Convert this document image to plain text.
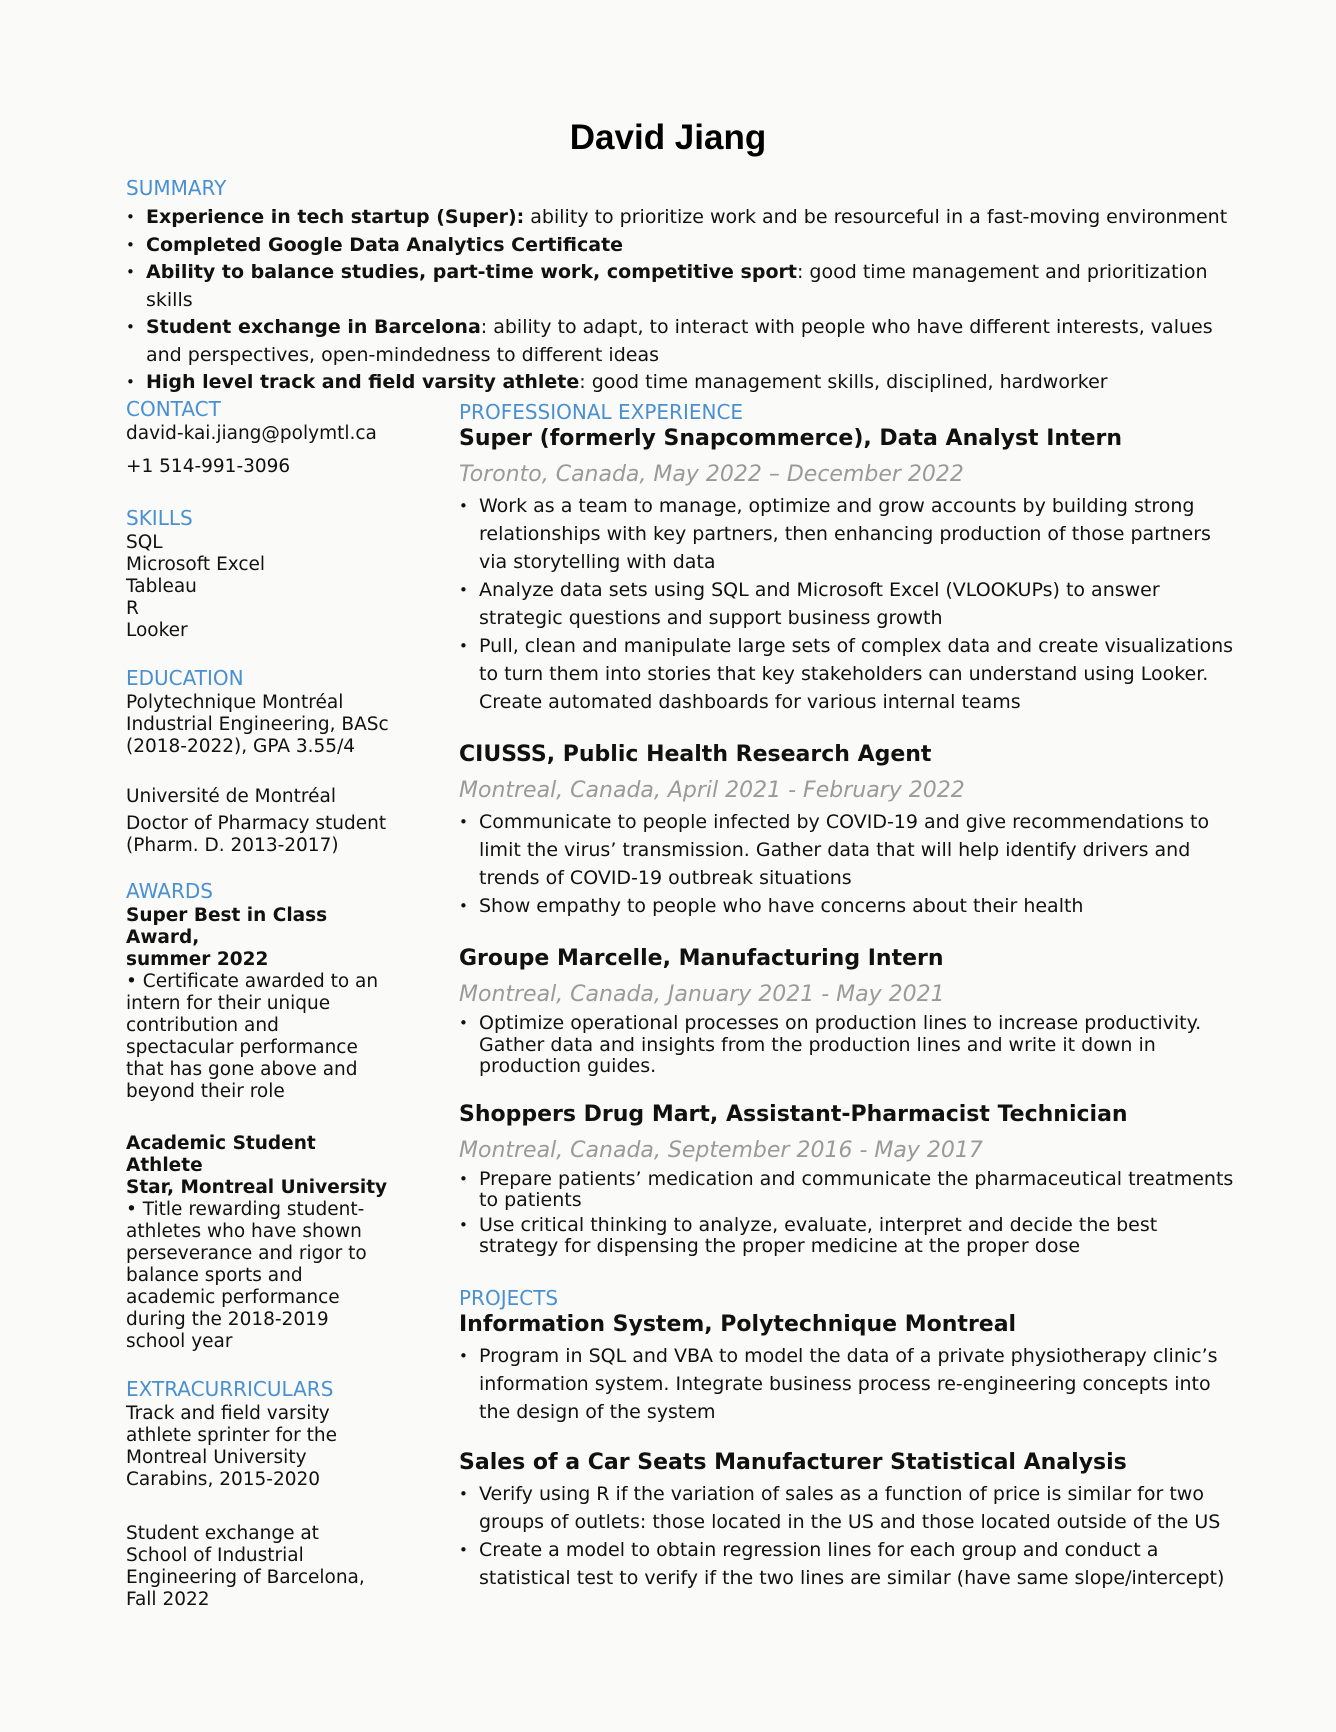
David Jiang
SUMMARY
• Experience in tech startup (Super): ability to prioritize work and be resourceful in a fast-moving environment
• Completed Google Data Analytics Certificate
• Ability to balance studies, part-time work, competitive sport: good time management and prioritization skills
• Student exchange in Barcelona: ability to adapt, to interact with people who have different interests, values and perspectives, open-mindedness to different ideas
• High level track and field varsity athlete: good time management skills, disciplined, hardworker
CONTACT
david-kai.jiang@polymtl.ca
+1 514-991-3096
SKILLS
SQL
Microsoft Excel
Tableau
R
Looker
EDUCATION
Polytechnique Montréal
Industrial Engineering, BASc
(2018-2022), GPA 3.55/4
Université de Montréal
Doctor of Pharmacy student
(Pharm. D. 2013-2017)
AWARDS
Super Best in Class Award,
summer 2022
• Certificate awarded to an
intern for their unique
contribution and
spectacular performance
that has gone above and
beyond their role
Academic Student Athlete
Star, Montreal University
• Title rewarding student-
athletes who have shown
perseverance and rigor to
balance sports and
academic performance
during the 2018-2019
school year
EXTRACURRICULARS
Track and field varsity
athlete sprinter for the
Montreal University
Carabins, 2015-2020
Student exchange at
School of Industrial
Engineering of Barcelona,
Fall 2022
PROFESSIONAL EXPERIENCE
Super (formerly Snapcommerce), Data Analyst Intern
Toronto, Canada, May 2022 – December 2022
• Work as a team to manage, optimize and grow accounts by building strong relationships with key partners, then enhancing production of those partners via storytelling with data
• Analyze data sets using SQL and Microsoft Excel (VLOOKUPs) to answer strategic questions and support business growth
• Pull, clean and manipulate large sets of complex data and create visualizations to turn them into stories that key stakeholders can understand using Looker. Create automated dashboards for various internal teams
CIUSSS, Public Health Research Agent
Montreal, Canada, April 2021 - February 2022
• Communicate to people infected by COVID-19 and give recommendations to limit the virus’ transmission. Gather data that will help identify drivers and trends of COVID-19 outbreak situations
• Show empathy to people who have concerns about their health
Groupe Marcelle, Manufacturing Intern
Montreal, Canada, January 2021 - May 2021
• Optimize operational processes on production lines to increase productivity. Gather data and insights from the production lines and write it down in production guides.
Shoppers Drug Mart, Assistant-Pharmacist Technician
Montreal, Canada, September 2016 - May 2017
• Prepare patients’ medication and communicate the pharmaceutical treatments to patients
• Use critical thinking to analyze, evaluate, interpret and decide the best strategy for dispensing the proper medicine at the proper dose
PROJECTS
Information System, Polytechnique Montreal
• Program in SQL and VBA to model the data of a private physiotherapy clinic’s information system. Integrate business process re-engineering concepts into the design of the system
Sales of a Car Seats Manufacturer Statistical Analysis
• Verify using R if the variation of sales as a function of price is similar for two groups of outlets: those located in the US and those located outside of the US
• Create a model to obtain regression lines for each group and conduct a statistical test to verify if the two lines are similar (have same slope/intercept)
